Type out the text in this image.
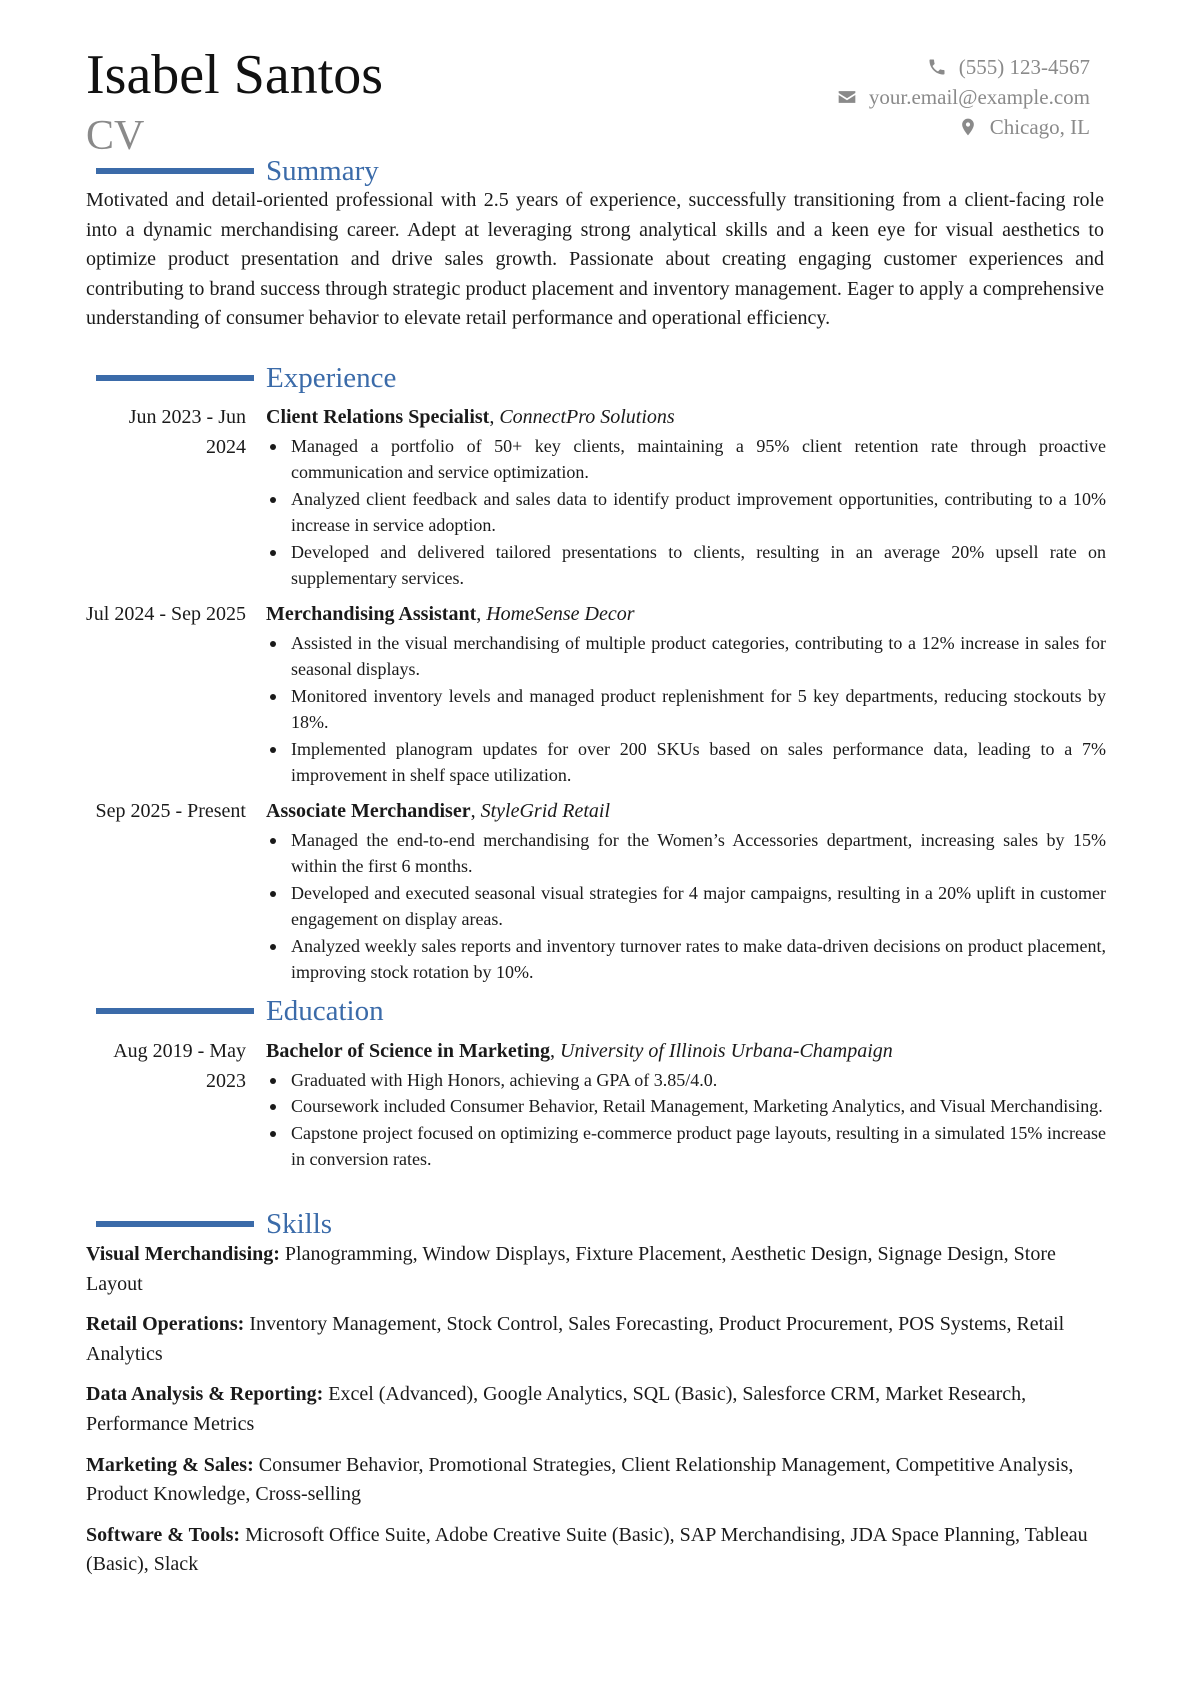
Isabel Santos
CV
(555) 123-4567
your.email@example.com
Chicago, IL
Summary

Motivated and detail-oriented professional with 2.5 years of experience, successfully transitioning from a client-facing role into a dynamic merchandising career. Adept at leveraging strong analytical skills and a keen eye for visual aesthetics to optimize product presentation and drive sales growth. Passionate about creating engaging customer experiences and contributing to brand success through strategic product placement and inventory management. Eager to apply a comprehensive understanding of consumer behavior to elevate retail performance and operational efficiency.

Experience
Jun 2023 - Jun 2024
Client Relations Specialist, ConnectPro Solutions
Managed a portfolio of 50+ key clients, maintaining a 95% client retention rate through proactive communication and service optimization.
Analyzed client feedback and sales data to identify product improvement opportunities, contributing to a 10% increase in service adoption.
Developed and delivered tailored presentations to clients, resulting in an average 20% upsell rate on supplementary services.
Jul 2024 - Sep 2025 Merchandising Assistant, HomeSense Decor
Assisted in the visual merchandising of multiple product categories, contributing to a 12% increase in sales for seasonal displays.
Monitored inventory levels and managed product replenishment for 5 key departments, reducing stockouts by 18%.
Implemented planogram updates for over 200 SKUs based on sales performance data, leading to a 7% improvement in shelf space utilization.
Sep 2025 - Present Associate Merchandiser, StyleGrid Retail
Managed the end-to-end merchandising for the Women’s Accessories department, increasing sales by 15% within the first 6 months.
Developed and executed seasonal visual strategies for 4 major campaigns, resulting in a 20% uplift in customer engagement on display areas.
Analyzed weekly sales reports and inventory turnover rates to make data-driven decisions on product placement, improving stock rotation by 10%.
Education
Aug 2019 - May 2023
Bachelor of Science in Marketing, University of Illinois Urbana-Champaign
Graduated with High Honors, achieving a GPA of 3.85/4.0.
Coursework included Consumer Behavior, Retail Management, Marketing Analytics, and Visual Merchandising.
Capstone project focused on optimizing e-commerce product page layouts, resulting in a simulated 15% increase in conversion rates.
Skills

Visual Merchandising: Planogramming, Window Displays, Fixture Placement, Aesthetic Design, Signage Design, Store Layout

Retail Operations: Inventory Management, Stock Control, Sales Forecasting, Product Procurement, POS Systems, Retail Analytics

Data Analysis & Reporting: Excel (Advanced), Google Analytics, SQL (Basic), Salesforce CRM, Market Research, Performance Metrics

Marketing & Sales: Consumer Behavior, Promotional Strategies, Client Relationship Management, Competitive Analysis, Product Knowledge, Cross-selling

Software & Tools: Microsoft Office Suite, Adobe Creative Suite (Basic), SAP Merchandising, JDA Space Planning, Tableau (Basic), Slack
